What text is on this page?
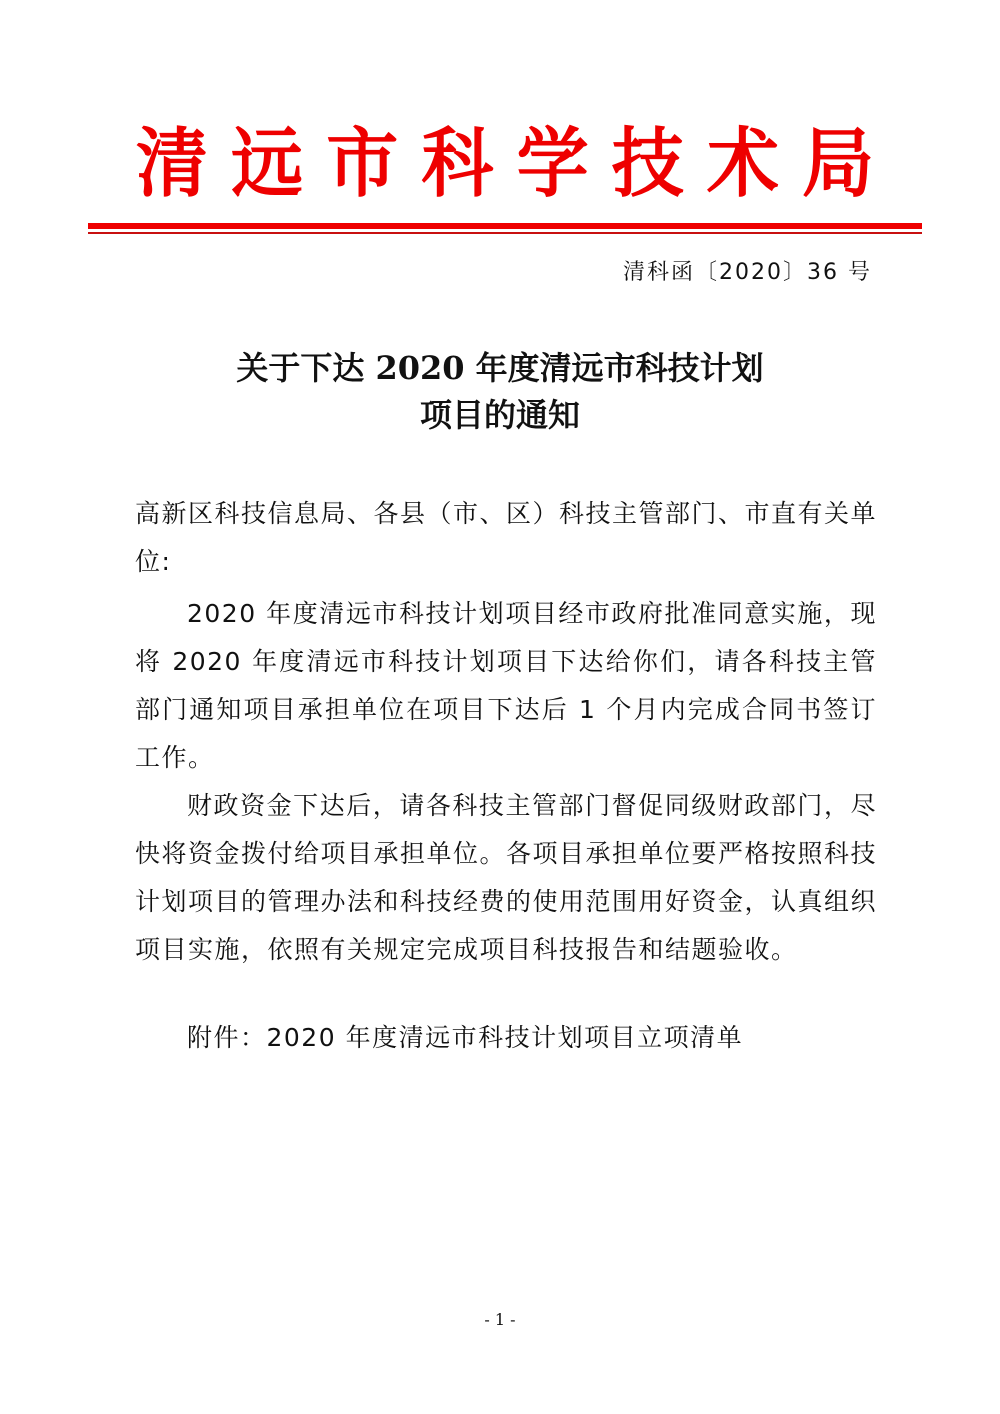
清 远 市 科 学 技 术 局
清科函〔2020〕36 号
关于下达 2020 年度清远市科技计划
项目的通知
高新区科技信息局、各县（市、区）科技主管部门、市直有关单位:
2020 年度清远市科技计划项目经市政府批准同意实施，现将 2020 年度清远市科技计划项目下达给你们，请各科技主管部门通知项目承担单位在项目下达后 1 个月内完成合同书签订工作。
财政资金下达后，请各科技主管部门督促同级财政部门，尽快将资金拨付给项目承担单位。各项目承担单位要严格按照科技计划项目的管理办法和科技经费的使用范围用好资金，认真组织项目实施，依照有关规定完成项目科技报告和结题验收。
附件：2020 年度清远市科技计划项目立项清单
- 1 -
